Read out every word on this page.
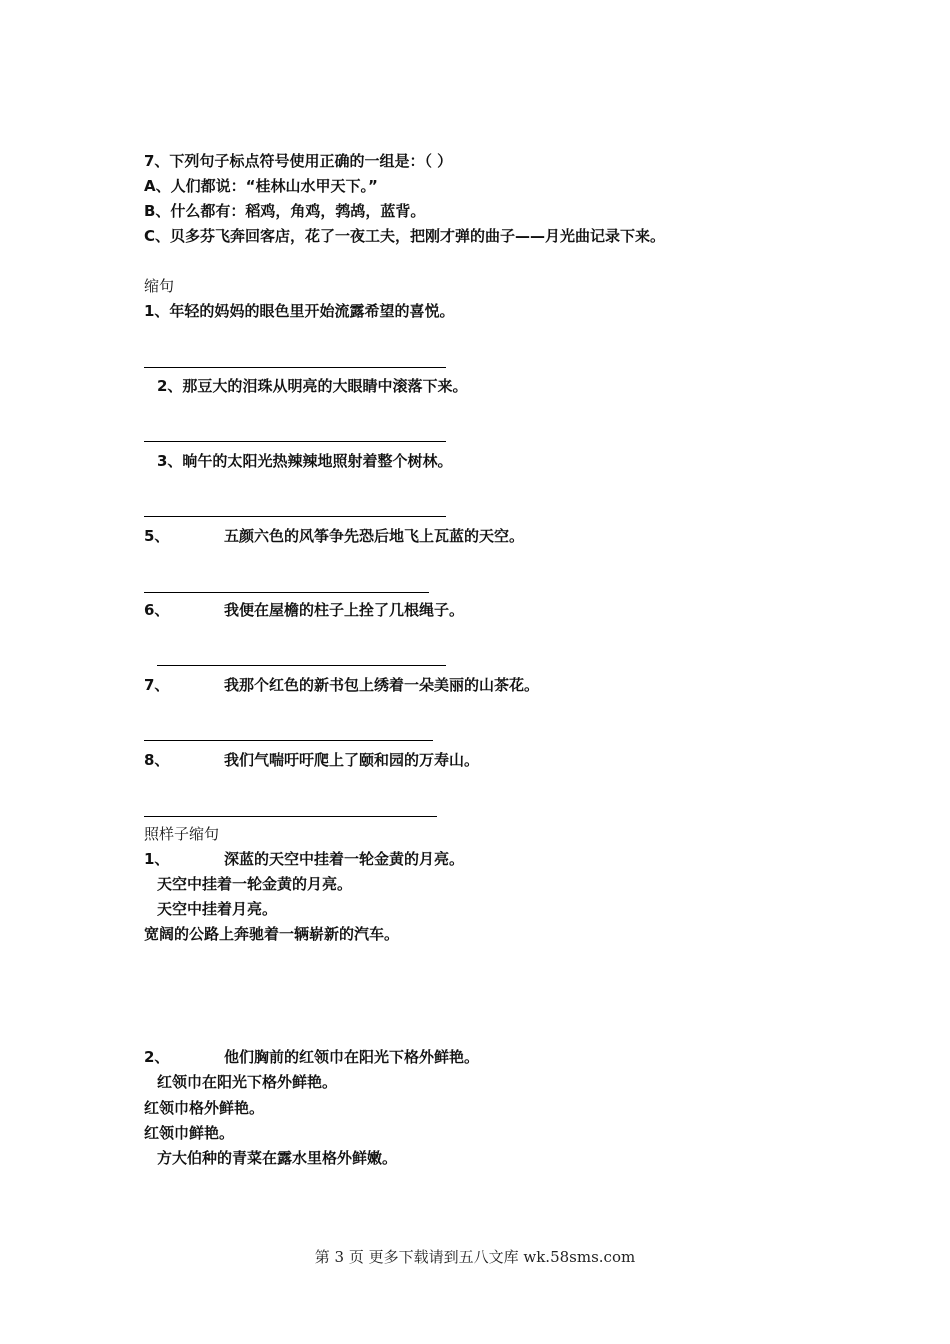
7、下列句子标点符号使用正确的一组是：（ ）
A、人们都说：“桂林山水甲天下。”
B、什么都有：稻鸡，角鸡，鹁鸪，蓝背。
C、贝多芬飞奔回客店，花了一夜工夫，把刚才弹的曲子——月光曲记录下来。
缩句
1、年轻的妈妈的眼色里开始流露希望的喜悦。
2、那豆大的泪珠从明亮的大眼睛中滚落下来。
3、晌午的太阳光热辣辣地照射着整个树林。
5、	五颜六色的风筝争先恐后地飞上瓦蓝的天空。
6、	我便在屋檐的柱子上拴了几根绳子。
7、	我那个红色的新书包上绣着一朵美丽的山茶花。
8、	我们气喘吁吁爬上了颐和园的万寿山。
照样子缩句
1、	深蓝的天空中挂着一轮金黄的月亮。
天空中挂着一轮金黄的月亮。
天空中挂着月亮。
宽阔的公路上奔驰着一辆崭新的汽车。
2、	他们胸前的红领巾在阳光下格外鲜艳。
红领巾在阳光下格外鲜艳。
红领巾格外鲜艳。
红领巾鲜艳。
方大伯种的青菜在露水里格外鲜嫩。
第 3 页 更多下载请到五八文库 wk.58sms.com
